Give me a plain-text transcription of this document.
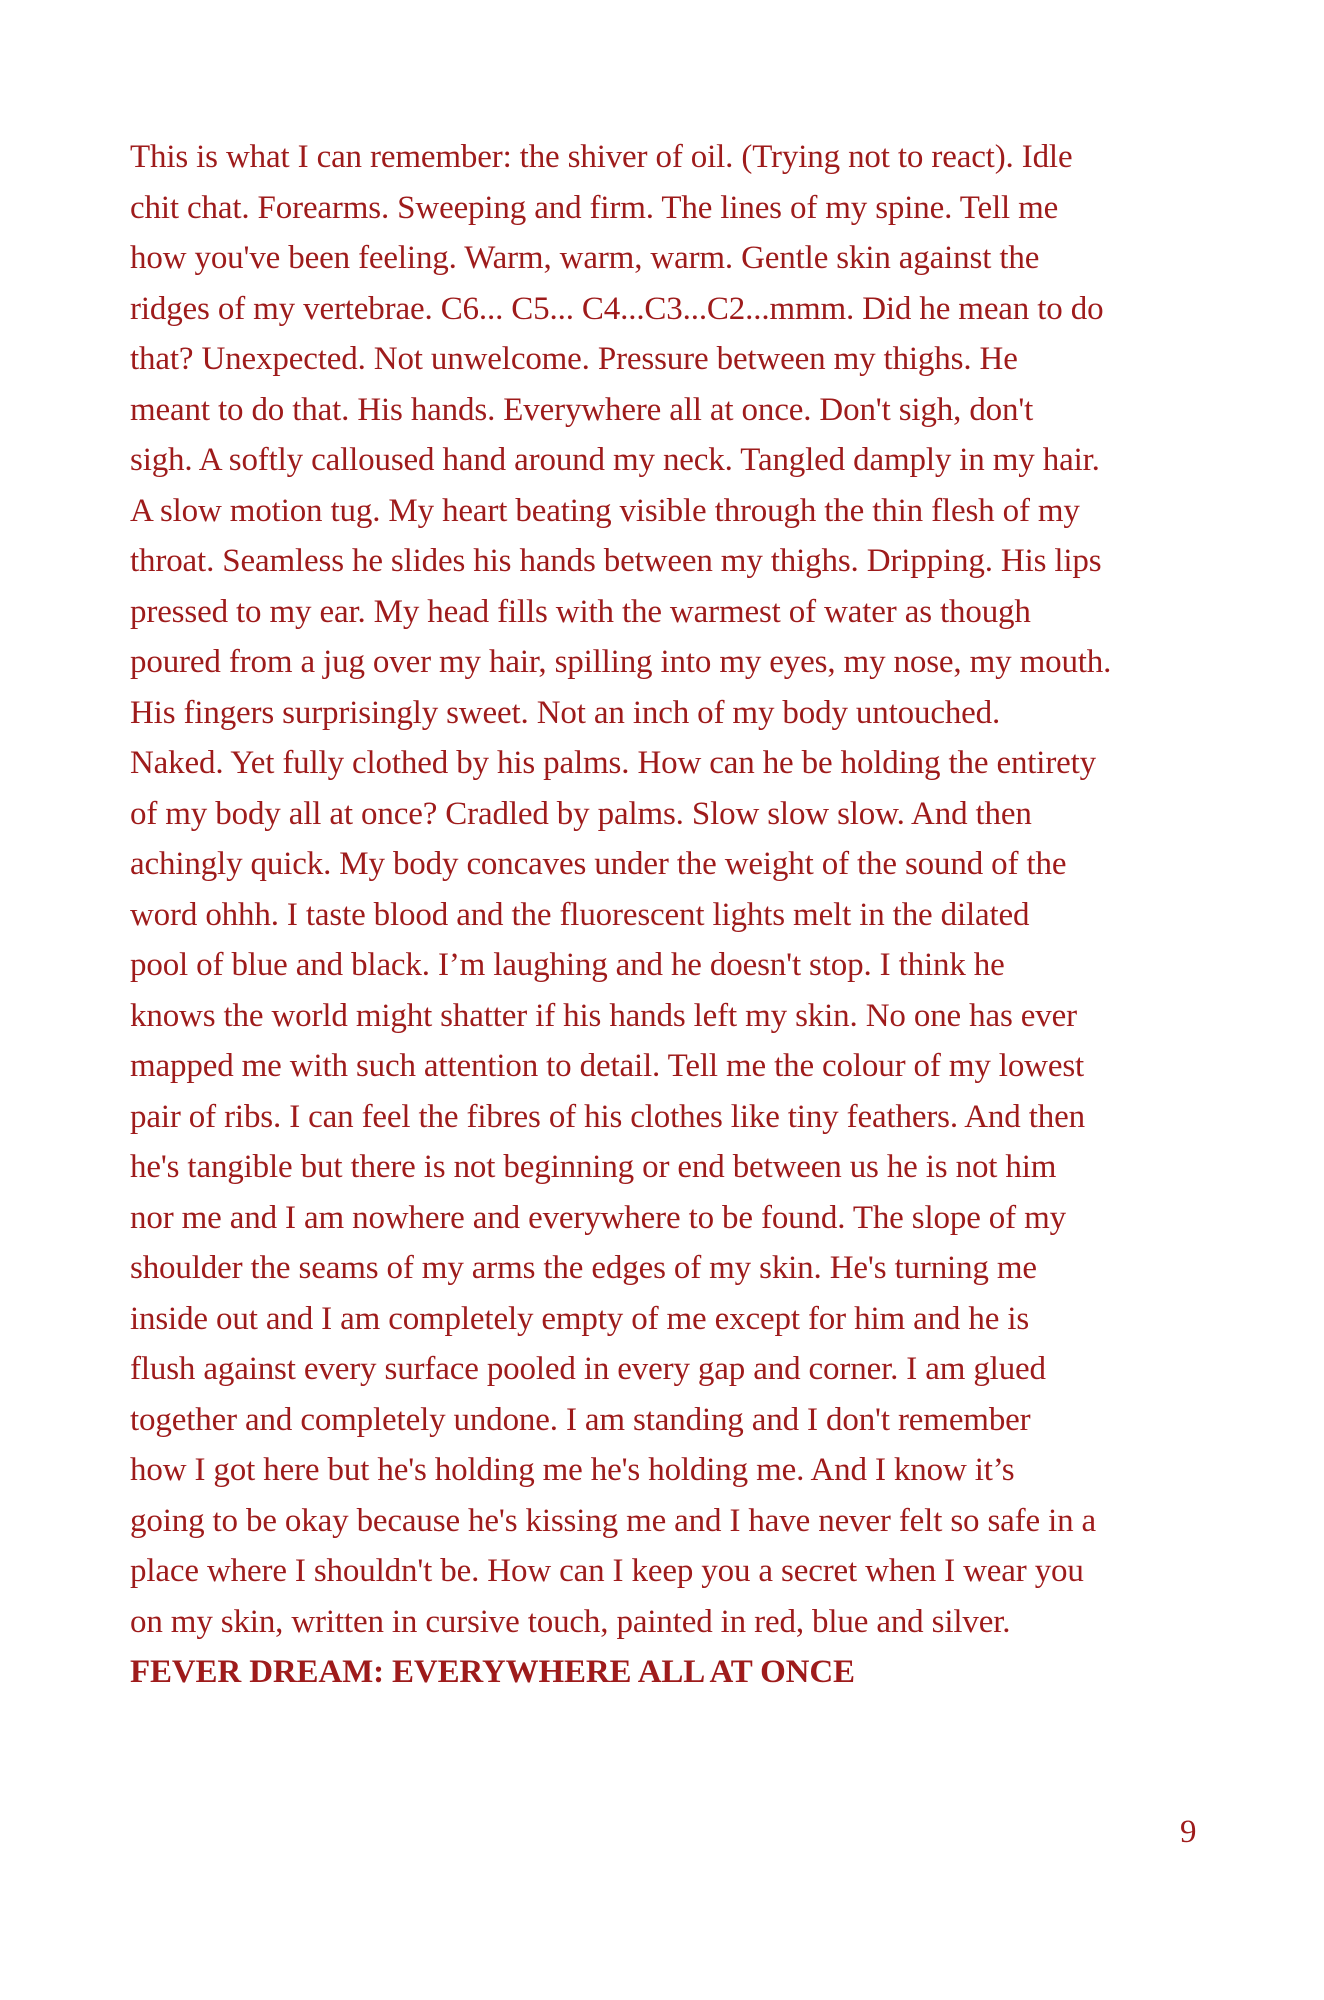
This is what I can remember: the shiver of oil. (Trying not to react). Idle
chit chat. Forearms. Sweeping and firm. The lines of my spine. Tell me
how you've been feeling. Warm, warm, warm. Gentle skin against the
ridges of my vertebrae. C6... C5... C4...C3...C2...mmm. Did he mean to do
that? Unexpected. Not unwelcome. Pressure between my thighs. He
meant to do that. His hands. Everywhere all at once. Don't sigh, don't
sigh. A softly calloused hand around my neck. Tangled damply in my hair.
A slow motion tug. My heart beating visible through the thin flesh of my
throat. Seamless he slides his hands between my thighs. Dripping. His lips
pressed to my ear. My head fills with the warmest of water as though
poured from a jug over my hair, spilling into my eyes, my nose, my mouth.
His fingers surprisingly sweet. Not an inch of my body untouched.
Naked. Yet fully clothed by his palms. How can he be holding the entirety
of my body all at once? Cradled by palms. Slow slow slow. And then
achingly quick. My body concaves under the weight of the sound of the
word ohhh. I taste blood and the fluorescent lights melt in the dilated
pool of blue and black. I’m laughing and he doesn't stop. I think he
knows the world might shatter if his hands left my skin. No one has ever
mapped me with such attention to detail. Tell me the colour of my lowest
pair of ribs. I can feel the fibres of his clothes like tiny feathers. And then
he's tangible but there is not beginning or end between us he is not him
nor me and I am nowhere and everywhere to be found. The slope of my
shoulder the seams of my arms the edges of my skin. He's turning me
inside out and I am completely empty of me except for him and he is
flush against every surface pooled in every gap and corner. I am glued
together and completely undone. I am standing and I don't remember
how I got here but he's holding me he's holding me. And I know it’s
going to be okay because he's kissing me and I have never felt so safe in a
place where I shouldn't be. How can I keep you a secret when I wear you
on my skin, written in cursive touch, painted in red, blue and silver.
FEVER DREAM: EVERYWHERE ALL AT ONCE
9
